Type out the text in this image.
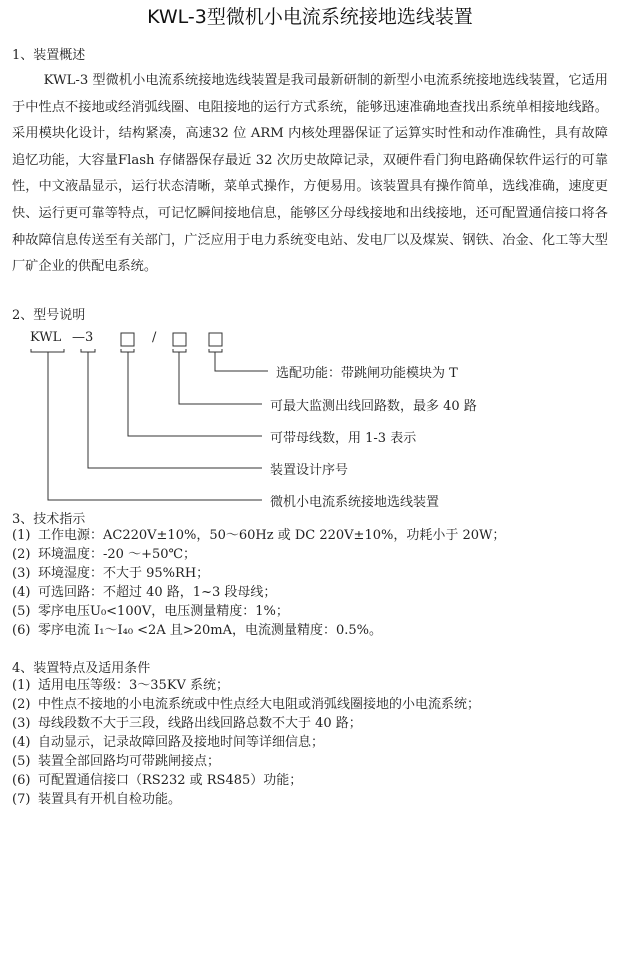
KWL-3型微机小电流系统接地选线装置
1、装置概述

KWL-3 型微机小电流系统接地选线装置是我司最新研制的新型小电流系统接地选线装置，它适用于中性点不接地或经消弧线圈、电阻接地的运行方式系统，能够迅速准确地查找出系统单相接地线路。采用模块化设计，结构紧凑，高速32 位 ARM 内核处理器保证了运算实时性和动作准确性，具有故障追忆功能，大容量Flash 存储器保存最近 32 次历史故障记录，双硬件看门狗电路确保软件运行的可靠性，中文液晶显示，运行状态清晰，菜单式操作，方便易用。该装置具有操作简单，选线准确，速度更快、运行更可靠等特点，可记忆瞬间接地信息，能够区分母线接地和出线接地，还可配置通信接口将各种故障信息传送至有关部门，广泛应用于电力系统变电站、发电厂以及煤炭、钢铁、冶金、化工等大型厂矿企业的供配电系统。

2、型号说明
KWL —3	/
选配功能：带跳闸功能模块为 T
可最大监测出线回路数，最多 40 路
可带母线数，用 1-3 表示
装置设计序号
微机小电流系统接地选线装置
3、技术指示
(1) 工作电源：AC220V±10%，50～60Hz 或 DC 220V±10%，功耗小于 20W；
(2) 环境温度：-20 ～+50℃；
(3) 环境湿度：不大于 95%RH；
(4) 可选回路：不超过 40 路，1~3 段母线；
(5) 零序电压U₀<100V，电压测量精度：1%；
(6) 零序电流 I₁～I₄₀ <2A 且>20mA，电流测量精度：0.5%。
4、装置特点及适用条件
(1) 适用电压等级：3～35KV 系统；
(2) 中性点不接地的小电流系统或中性点经大电阻或消弧线圈接地的小电流系统；
(3) 母线段数不大于三段，线路出线回路总数不大于 40 路；
(4) 自动显示，记录故障回路及接地时间等详细信息；
(5) 装置全部回路均可带跳闸接点；
(6) 可配置通信接口（RS232 或 RS485）功能；
(7) 装置具有开机自检功能。
